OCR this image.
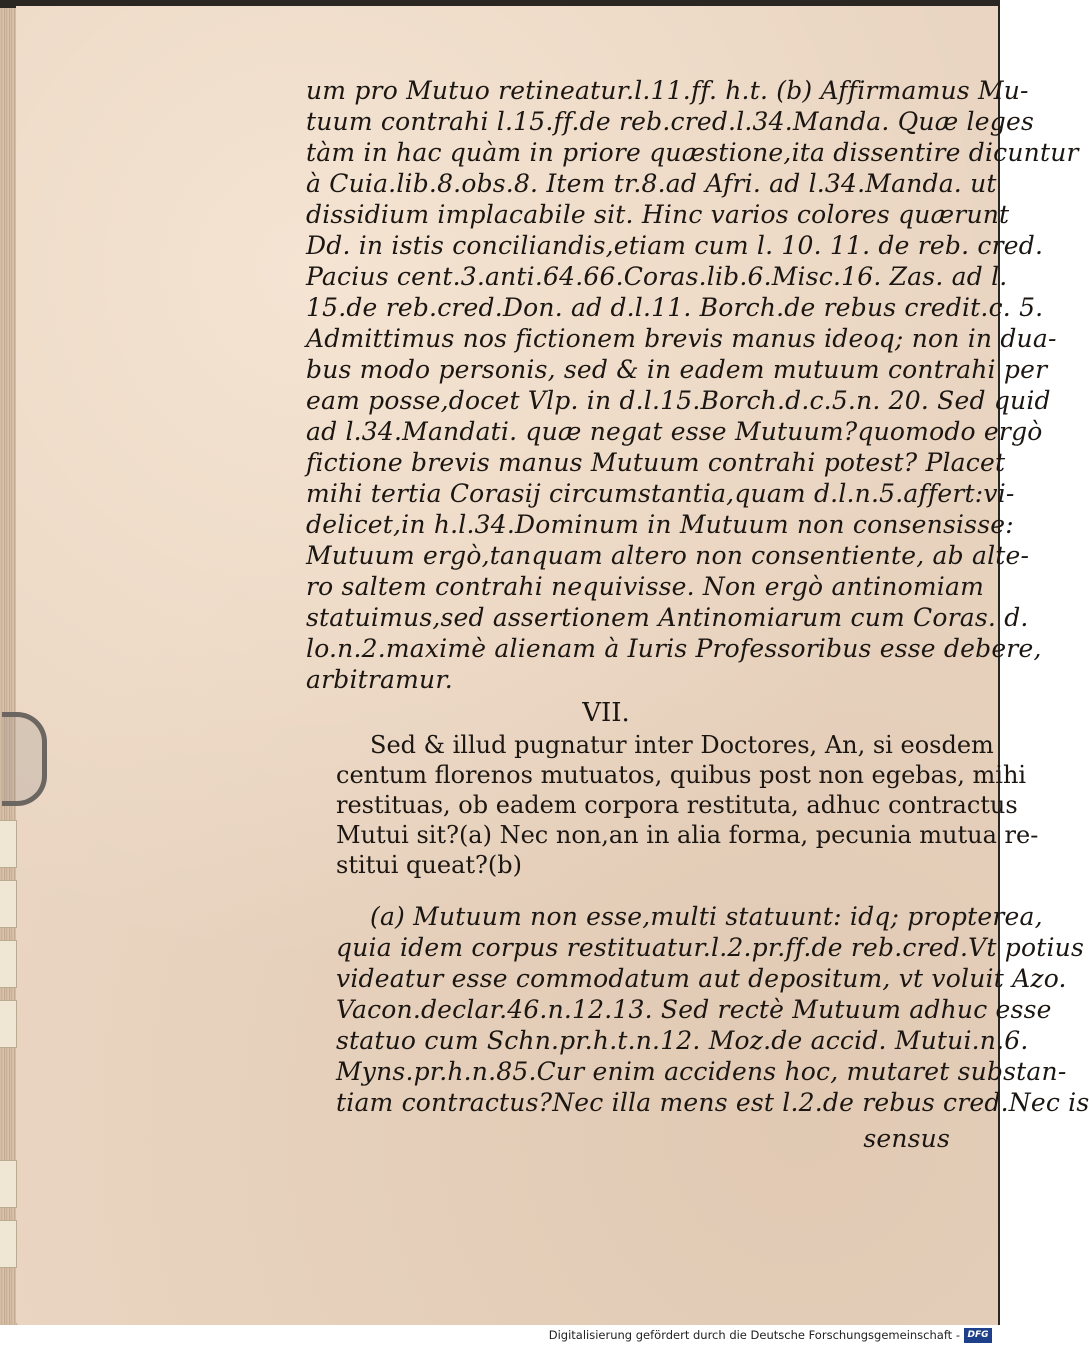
um pro Mutuo retineatur.l.11.ff. h.t. (b) Affirmamus Mu-
tuum contrahi l.15.ff.de reb.cred.l.34.Manda. Quæ leges
tàm in hac quàm in priore quæstione,ita dissentire dicuntur
à Cuia.lib.8.obs.8. Item tr.8.ad Afri. ad l.34.Manda. ut
dissidium implacabile sit. Hinc varios colores quærunt
Dd. in istis conciliandis,etiam cum l. 10. 11. de reb. cred.
Pacius cent.3.anti.64.66.Coras.lib.6.Misc.16. Zas. ad l.
15.de reb.cred.Don. ad d.l.11. Borch.de rebus credit.c. 5.
Admittimus nos fictionem brevis manus ideoq; non in dua-
bus modo personis, sed & in eadem mutuum contrahi per
eam posse,docet Vlp. in d.l.15.Borch.d.c.5.n. 20. Sed quid
ad l.34.Mandati. quæ negat esse Mutuum?quomodo ergò
fictione brevis manus Mutuum contrahi potest? Placet
mihi tertia Corasij circumstantia,quam d.l.n.5.affert:vi-
delicet,in h.l.34.Dominum in Mutuum non consensisse:
Mutuum ergò,tanquam altero non consentiente, ab alte-
ro saltem contrahi nequivisse. Non ergò antinomiam
statuimus,sed assertionem Antinomiarum cum Coras. d.
lo.n.2.maximè alienam à Iuris Professoribus esse debere,
arbitramur.
VII.
Sed & illud pugnatur inter Doctores, An, si eosdem
centum florenos mutuatos, quibus post non egebas, mihi
restituas, ob eadem corpora restituta, adhuc contractus
Mutui sit?(a) Nec non,an in alia forma, pecunia mutua re-
stitui queat?(b)
(a) Mutuum non esse,multi statuunt: idq; propterea,
quia idem corpus restituatur.l.2.pr.ff.de reb.cred.Vt potius
videatur esse commodatum aut depositum, vt voluit Azo.
Vacon.declar.46.n.12.13. Sed rectè Mutuum adhuc esse
statuo cum Schn.pr.h.t.n.12. Moz.de accid. Mutui.n.6.
Myns.pr.h.n.85.Cur enim accidens hoc, mutaret substan-
tiam contractus?Nec illa mens est l.2.de rebus cred.Nec is
sensus
Digitalisierung gefördert durch die Deutsche Forschungsgemeinschaft - DFG
